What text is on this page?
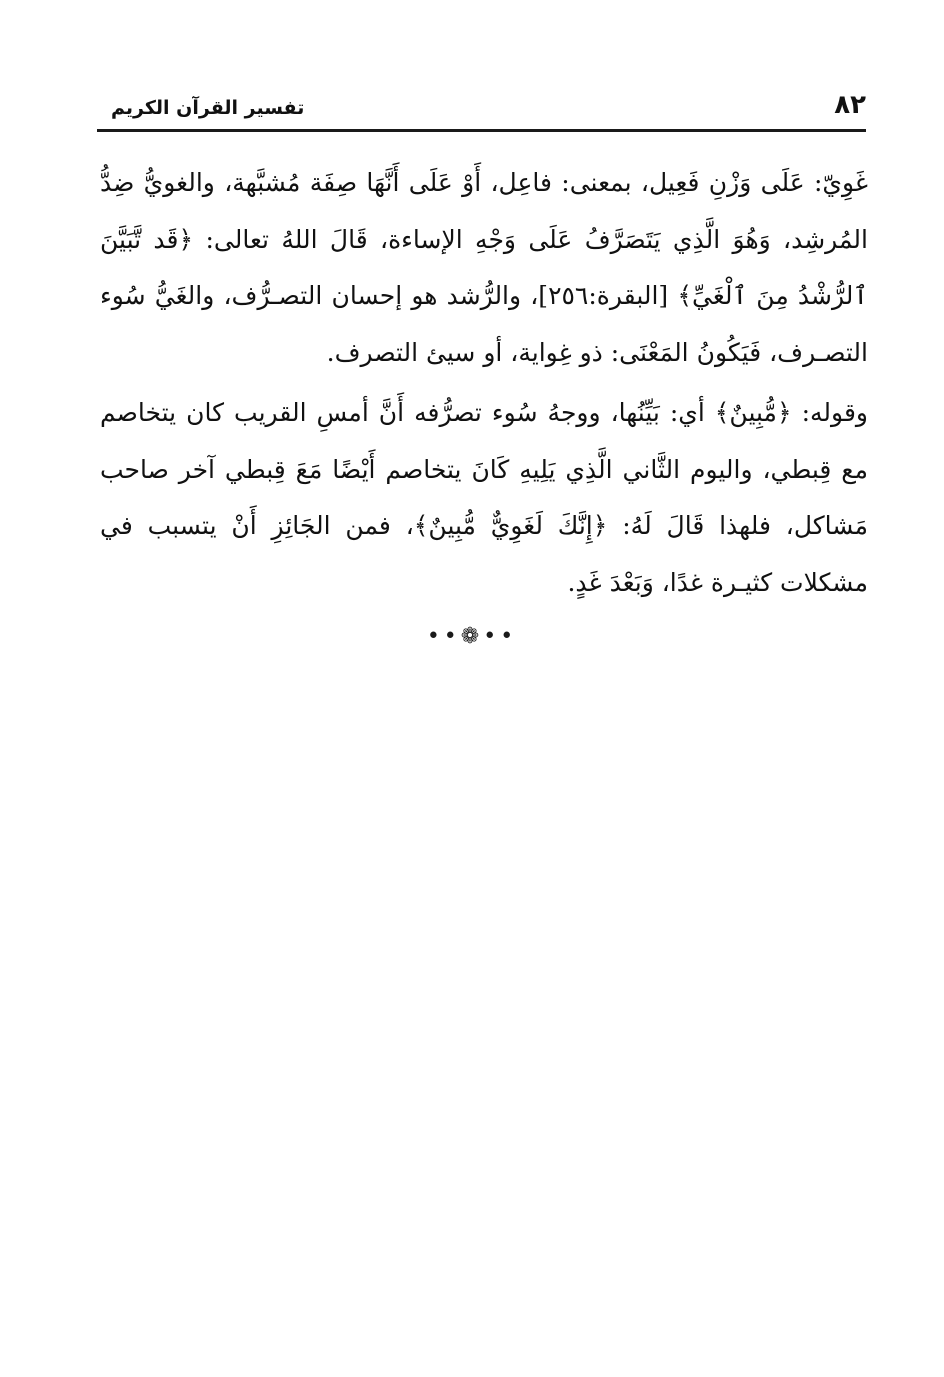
٨٢
تفسير القرآن الكريم

غَوِيّ: عَلَى وَزْنِ فَعِيل، بمعنى: فاعِل، أَوْ عَلَى أَنَّهَا صِفَة مُشبَّهة، والغويُّ ضِدُّ المُرشِد، وَهُوَ الَّذِي يَتَصَرَّفُ عَلَى وَجْهِ الإساءة، قَالَ اللهُ تعالى: ﴿قَد تَّبَيَّنَ ٱلرُّشْدُ مِنَ ٱلْغَيِّ﴾ [البقرة:٢٥٦]، والرُّشد هو إحسان التصـرُّف، والغَيُّ سُوء التصـرف، فَيَكُونُ المَعْنَى: ذو غِواية، أو سيئ التصرف.

وقوله: ﴿مُّبِينٌ﴾ أي: بَيِّنُها، ووجهُ سُوء تصرُّفه أَنَّ أمسِ القريب كان يتخاصم مع قِبطي، واليوم الثَّاني الَّذِي يَلِيهِ كَانَ يتخاصم أَيْضًا مَعَ قِبطي آخر صاحب مَشاكل، فلهذا قَالَ لَهُ: ﴿إِنَّكَ لَغَوِيٌّ مُّبِينٌ﴾، فمن الجَائِزِ أَنْ يتسبب في مشكلات كثيـرة غدًا، وَبَعْدَ غَدٍ.

••❁••
